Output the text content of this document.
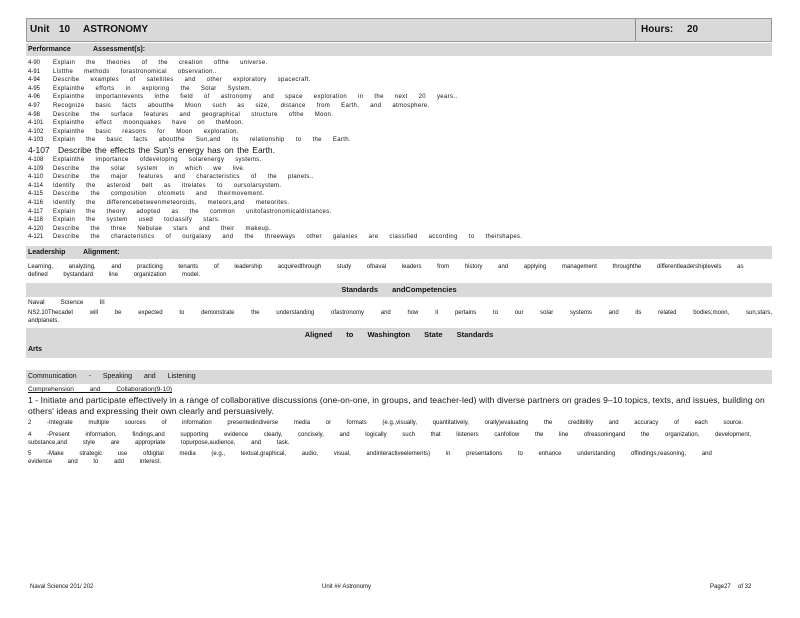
Unit 10 ASTRONOMY	Hours: 20
Performance	Assessment(s):
4-90 Explain the theories of the creation ofthe universe.
4-91 Listthe methods forastronomical observation..
4-94 Describe examples of satellites and other exploratory spacecraft.
4-95 Explainthe efforts in exploring the Solar System.
4-96 Explainthe importantevents inthe field of astronomy and space exploration in the next 20 years..
4-97 Recognize basic facts aboutthe Moon such as size, distance from Earth, and atmosphere.
4-98 Describe the surface features and geographical structure ofthe Moon.
4-101 Explainthe effect moonquakes have on theMoon.
4-102 Explainthe basic reasons for Moon exploration.
4-103 Explain the basic facts aboutthe Sun,and its relationship to the Earth.
4-107 Describe the effects the Sun's energy has on the Earth.
4-108 Explainthe importance ofdeveloping solarenergy systems.
4-109 Describe the solar system in which we live.
4-110 Describe the major features and characteristics of the planets..
4-114 Identify the asteroid belt as itrelates to oursolarsystem.
4-115 Describe the composition ofcomets and theirmovement.
4-116 Identify the differencebetweenmeteoroids, meteors,and meteorites.
4-117 Explain the theory adopted as the common unitofastronomicaldistances.
4-118 Explain the system used toclassify stars.
4-120 Describe the three Nebulae stars and their makeup.
4-121 Describe the characteristics of ourgalaxy and the threeways other galaxies are classified according to theirshapes.
Leadership	Alignment:
Learning, analyzing, and practicing tenants of leadership acquiredthrough study ofnaval leaders from history and applying management throughthe differentleadershiplevels as
defined bystandard line organization model.
Standards andCompetencies
Naval Science III
NS2.10Thecadet will be expected to demonstrate the understanding ofastronomy and how it pertains to our solar systems and its related bodies;moon, sun,stars, andplanets.
Aligned to Washington State Standards
Arts
Communication - Speaking and Listening
Comprehension and Collaboration(9-10)
1 - Initiate and participate effectively in a range of collaborative discussions (one-on-one, in groups, and teacher-led) with diverse partners on grades 9–10 topics, texts, and issues, building on others' ideas and expressing their own clearly and persuasively.
2 -Integrate multiple sources of information presentedindiverse media or formats (e.g.,visually, quantitatively, orally)evaluating the credibility and accuracy of each source.
4 -Present information, findings,and supporting evidence clearly, concisely, and logically such that listeners canfollow the line ofreasoningand the organization, development,
substance,and style are appropriate topurpose,audience, and task.
5 -Make strategic use ofdigital media (e.g., textual,graphical, audio, visual, andinteractiveelements) in presentations to enhance understanding offindings,reasoning, and
evidence and to add interest.
Naval Science 201/ 202	Unit ## Astronomy	Page27 of 32
